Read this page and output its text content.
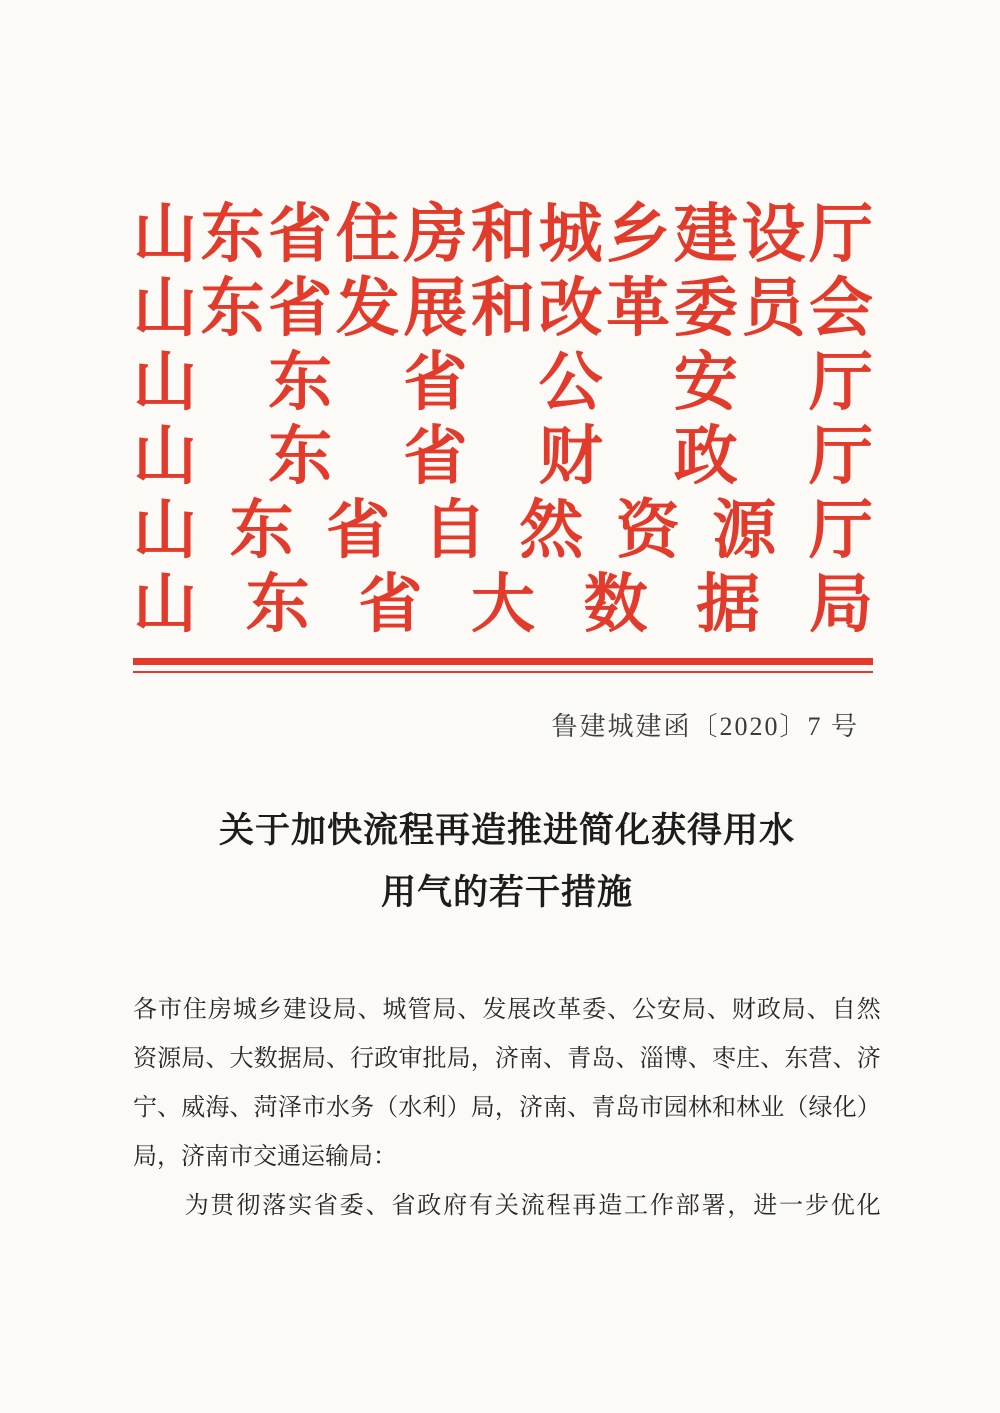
山 东 省 住 房 和 城 乡 建 设 厅
山 东 省 发 展 和 改 革 委 员 会
山 东 省 公 安 厅
山 东 省 财 政 厅
山 东 省 自 然 资 源 厅
山 东 省 大 数 据 局
鲁建城建函〔2020〕7 号
关于加快流程再造推进简化获得用水
用气的若干措施
各 市 住 房 城 乡 建 设 局 、 城 管 局 、 发 展 改 革 委 、 公 安 局 、 财 政 局 、 自 然
资 源 局 、 大 数 据 局 、 行 政 审 批 局 ， 济 南 、 青 岛 、 淄 博 、 枣 庄 、 东 营 、 济
宁 、 威 海 、 菏 泽 市 水 务 （ 水 利 ） 局 ， 济 南 、 青 岛 市 园 林 和 林 业 （ 绿 化 ）
局，济南市交通运输局：

为 贯 彻 落 实 省 委 、 省 政 府 有 关 流 程 再 造 工 作 部 署 ， 进 一 步 优 化
